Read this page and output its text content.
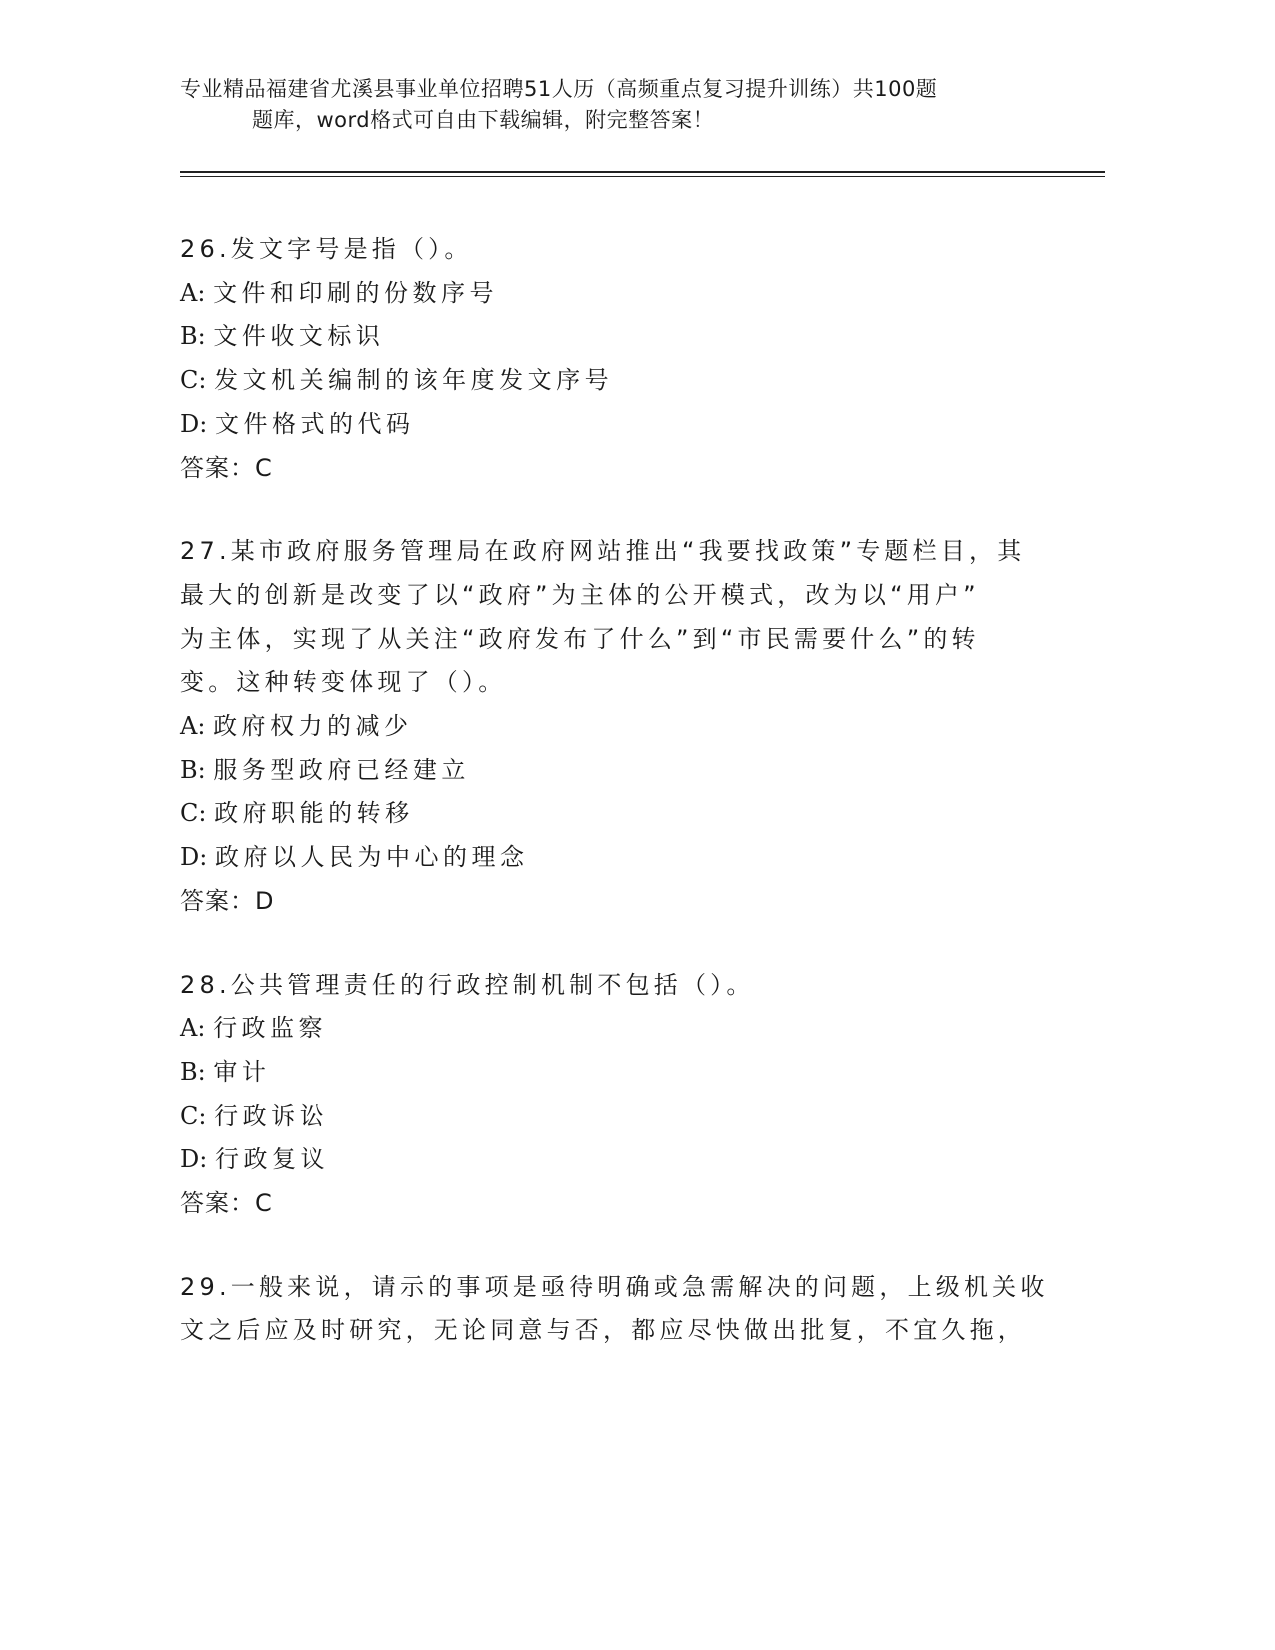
专业精品福建省尤溪县事业单位招聘51人历（高频重点复习提升训练）共100题
题库，word格式可自由下载编辑，附完整答案！
26.发文字号是指（）。
A: 文件和印刷的份数序号
B: 文件收文标识
C: 发文机关编制的该年度发文序号
D: 文件格式的代码
答案：C
27.某市政府服务管理局在政府网站推出“我要找政策”专题栏目，其
最大的创新是改变了以“政府”为主体的公开模式，改为以“用户”
为主体，实现了从关注“政府发布了什么”到“市民需要什么”的转
变。这种转变体现了（）。
A: 政府权力的减少
B: 服务型政府已经建立
C: 政府职能的转移
D: 政府以人民为中心的理念
答案：D
28.公共管理责任的行政控制机制不包括（）。
A: 行政监察
B: 审计
C: 行政诉讼
D: 行政复议
答案：C
29.一般来说，请示的事项是亟待明确或急需解决的问题，上级机关收
文之后应及时研究，无论同意与否，都应尽快做出批复，不宜久拖，
